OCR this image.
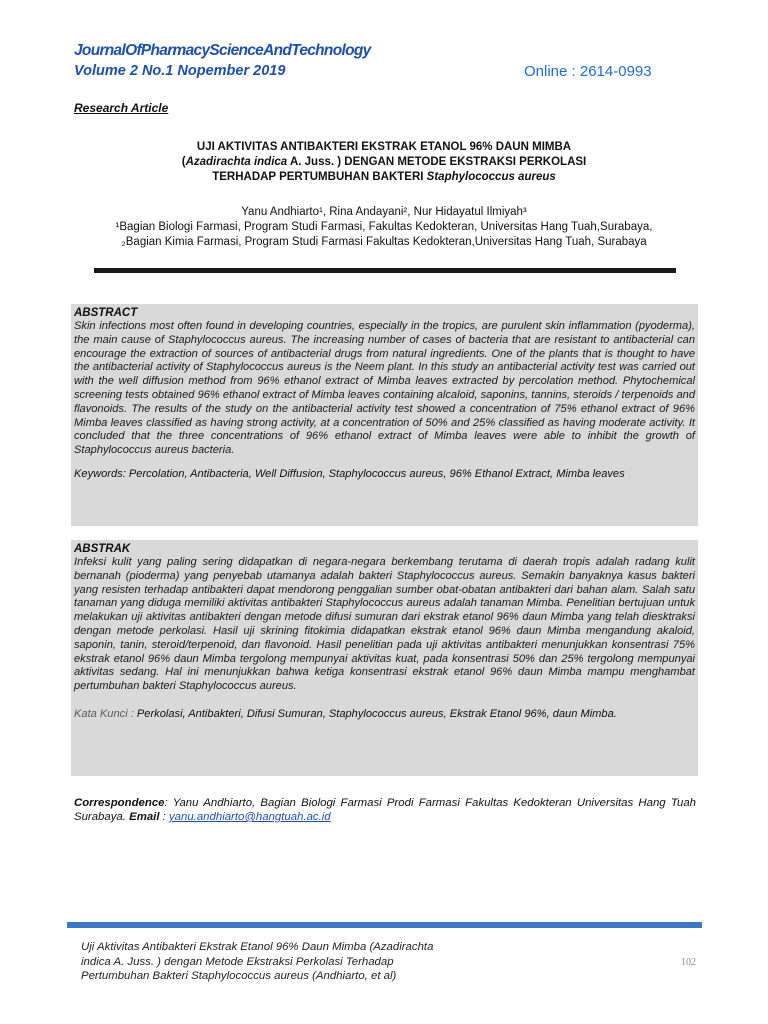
JournalOfPharmacyScienceAndTechnology
Volume 2 No.1 Nopember 2019	Online : 2614-0993
Research Article
UJI AKTIVITAS ANTIBAKTERI EKSTRAK ETANOL 96% DAUN MIMBA
(Azadirachta indica A. Juss. ) DENGAN METODE EKSTRAKSI PERKOLASI
TERHADAP PERTUMBUHAN BAKTERI Staphylococcus aureus
Yanu Andhiarto¹, Rina Andayani², Nur Hidayatul Ilmiyah³
¹Bagian Biologi Farmasi, Program Studi Farmasi, Fakultas Kedokteran, Universitas Hang Tuah,Surabaya,
₂Bagian Kimia Farmasi, Program Studi Farmasi Fakultas Kedokteran,Universitas Hang Tuah, Surabaya
ABSTRACT
Skin infections most often found in developing countries, especially in the tropics, are purulent skin inflammation (pyoderma), the main cause of Staphylococcus aureus. The increasing number of cases of bacteria that are resistant to antibacterial can encourage the extraction of sources of antibacterial drugs from natural ingredients. One of the plants that is thought to have the antibacterial activity of Staphylococcus aureus is the Neem plant. In this study an antibacterial activity test was carried out with the well diffusion method from 96% ethanol extract of Mimba leaves extracted by percolation method. Phytochemical screening tests obtained 96% ethanol extract of Mimba leaves containing alcaloid, saponins, tannins, steroids / terpenoids and flavonoids. The results of the study on the antibacterial activity test showed a concentration of 75% ethanol extract of 96% Mimba leaves classified as having strong activity, at a concentration of 50% and 25% classified as having moderate activity. It concluded that the three concentrations of 96% ethanol extract of Mimba leaves were able to inhibit the growth of Staphylococcus aureus bacteria.
Keywords: Percolation, Antibacteria, Well Diffusion, Staphylococcus aureus, 96% Ethanol Extract, Mimba leaves
ABSTRAK
Infeksi kulit yang paling sering didapatkan di negara-negara berkembang terutama di daerah tropis adalah radang kulit bernanah (pioderma) yang penyebab utamanya adalah bakteri Staphylococcus aureus. Semakin banyaknya kasus bakteri yang resisten terhadap antibakteri dapat mendorong penggalian sumber obat-obatan antibakteri dari bahan alam. Salah satu tanaman yang diduga memiliki aktivitas antibakteri Staphylococcus aureus adalah tanaman Mimba. Penelitian bertujuan untuk melakukan uji aktivitas antibakteri dengan metode difusi sumuran dari ekstrak etanol 96% daun Mimba yang telah diesktraksi dengan metode perkolasi. Hasil uji skrining fitokimia didapatkan ekstrak etanol 96% daun Mimba mengandung akaloid, saponin, tanin, steroid/terpenoid, dan flavonoid. Hasil penelitian pada uji aktivitas antibakteri menunjukkan konsentrasi 75% ekstrak etanol 96% daun Mimba tergolong mempunyai aktivitas kuat, pada konsentrasi 50% dan 25% tergolong mempunyai aktivitas sedang. Hal ini menunjukkan bahwa ketiga konsentrasi ekstrak etanol 96% daun Mimba mampu menghambat pertumbuhan bakteri Staphylococcus aureus.
Kata Kunci : Perkolasi, Antibakteri, Difusi Sumuran, Staphylococcus aureus, Ekstrak Etanol 96%, daun Mimba.
Correspondence: Yanu Andhiarto, Bagian Biologi Farmasi Prodi Farmasi Fakultas Kedokteran Universitas Hang Tuah Surabaya. Email : yanu.andhiarto@hangtuah.ac.id
Uji Aktivitas Antibakteri Ekstrak Etanol 96% Daun Mimba (Azadirachta
indica A. Juss. ) dengan Metode Ekstraksi Perkolasi Terhadap
Pertumbuhan Bakteri Staphylococcus aureus (Andhiarto, et al)
102
